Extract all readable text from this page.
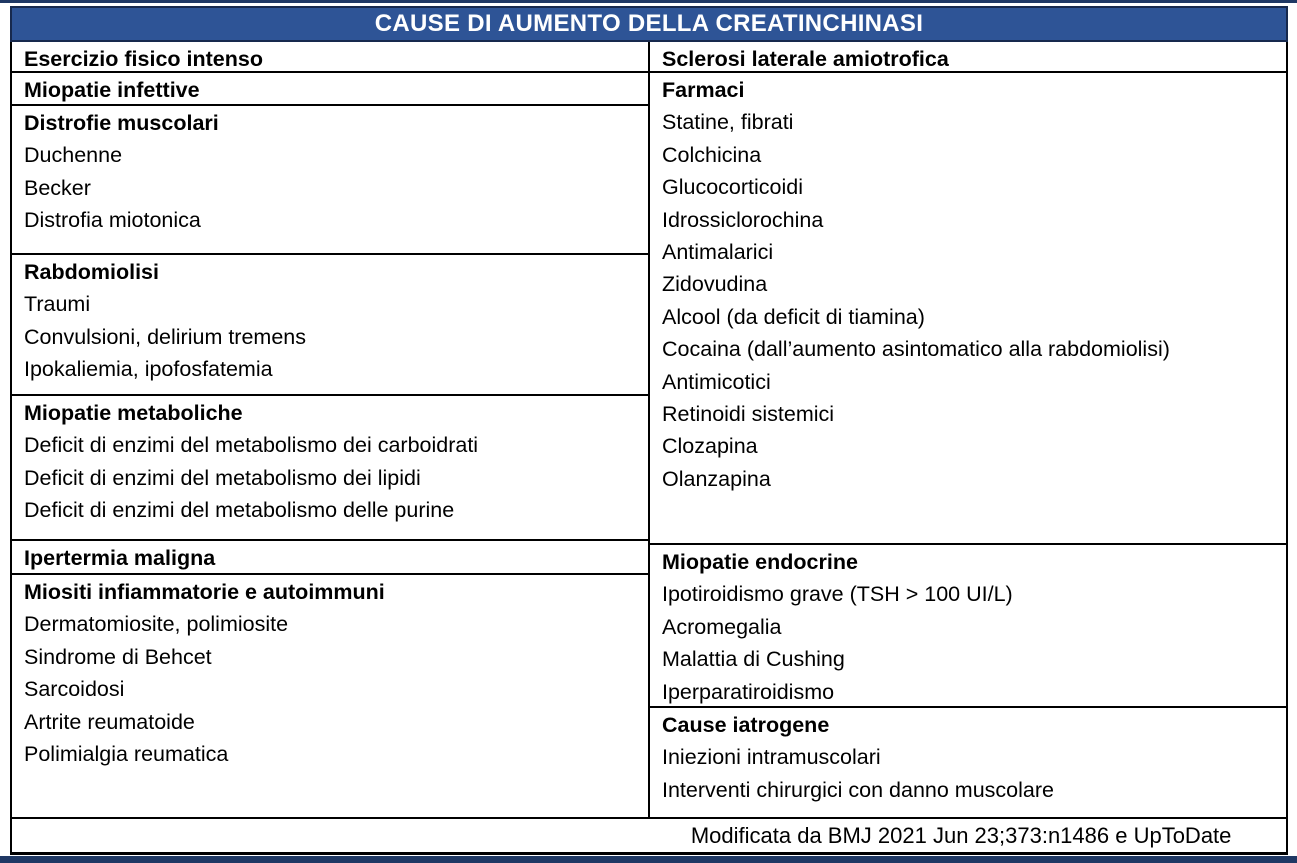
CAUSE DI AUMENTO DELLA CREATINCHINASI
Esercizio fisico intenso
Miopatie infettive
Distrofie muscolari
Duchenne
Becker
Distrofia miotonica
Rabdomiolisi
Traumi
Convulsioni, delirium tremens
Ipokaliemia, ipofosfatemia
Miopatie metaboliche
Deficit di enzimi del metabolismo dei carboidrati
Deficit di enzimi del metabolismo dei lipidi
Deficit di enzimi del metabolismo delle purine
Ipertermia maligna
Miositi infiammatorie e autoimmuni
Dermatomiosite, polimiosite
Sindrome di Behcet
Sarcoidosi
Artrite reumatoide
Polimialgia reumatica
Sclerosi laterale amiotrofica
Farmaci
Statine, fibrati
Colchicina
Glucocorticoidi
Idrossiclorochina
Antimalarici
Zidovudina
Alcool (da deficit di tiamina)
Cocaina (dall’aumento asintomatico alla rabdomiolisi)
Antimicotici
Retinoidi sistemici
Clozapina
Olanzapina
Miopatie endocrine
Ipotiroidismo grave (TSH > 100 UI/L)
Acromegalia
Malattia di Cushing
Iperparatiroidismo
Cause iatrogene
Iniezioni intramuscolari
Interventi chirurgici con danno muscolare
Modificata da BMJ 2021 Jun 23;373:n1486 e UpToDate
